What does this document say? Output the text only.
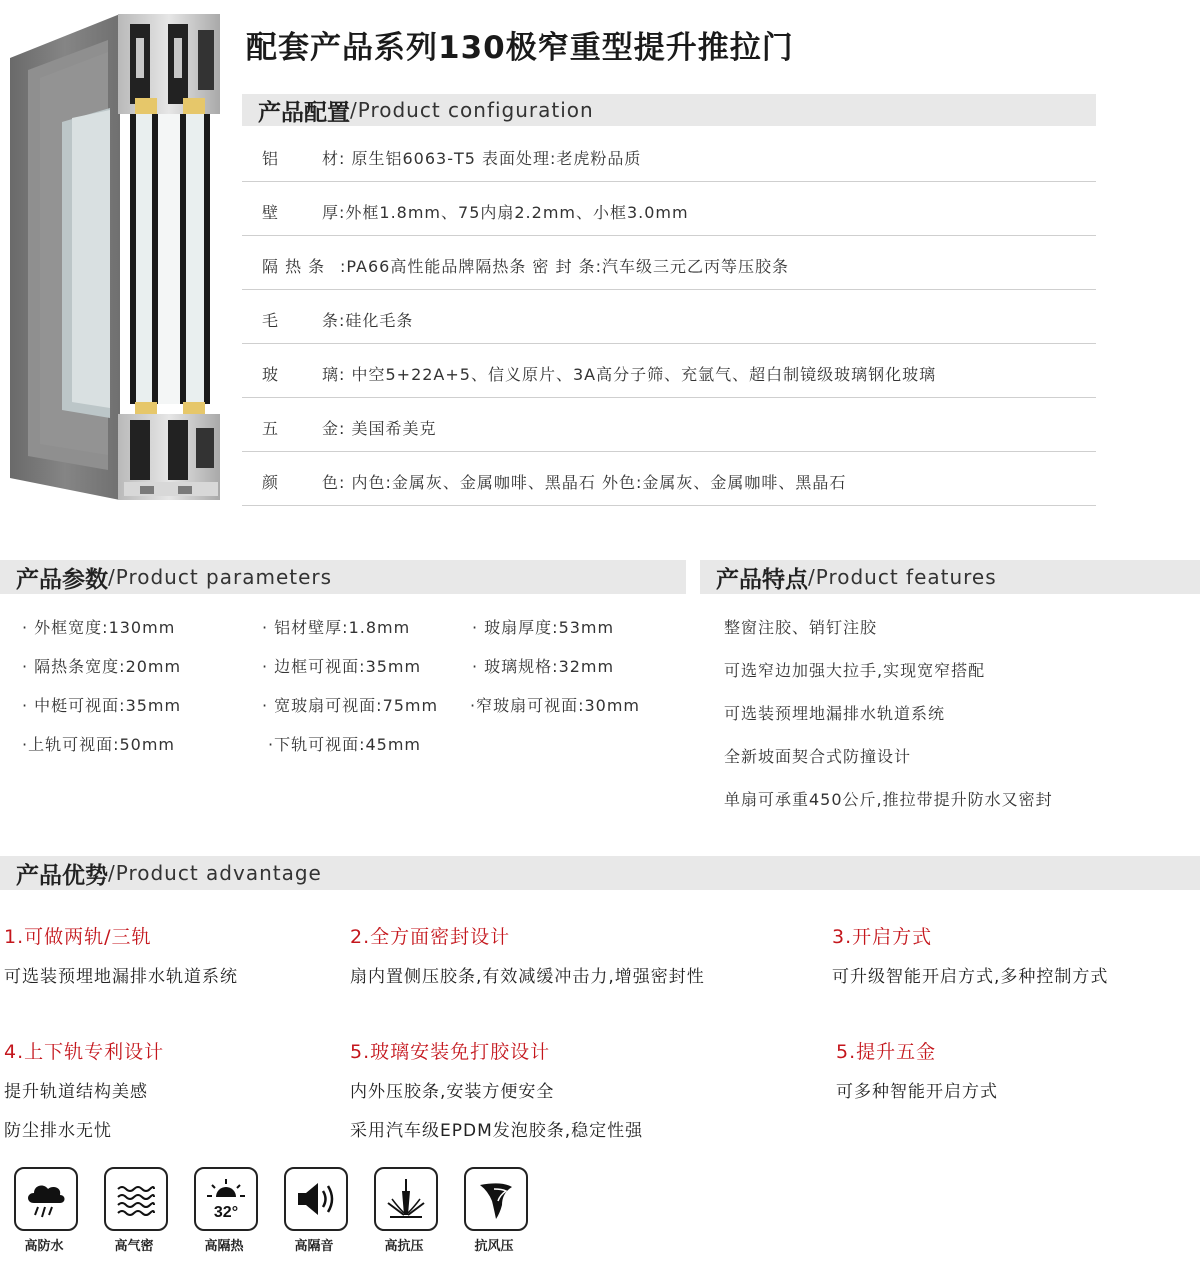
配套产品系列130极窄重型提升推拉门
产品配置 /Product configuration
铝	材: 原生铝6063-T5 表面处理:老虎粉品质
壁	厚:外框1.8mm、75内扇2.2mm、小框3.0mm
隔 热 条 :PA66高性能品牌隔热条 密 封 条:汽车级三元乙丙等压胶条
毛	条:硅化毛条
玻	璃: 中空5+22A+5、信义原片、3A高分子筛、充氩气、超白制镜级玻璃钢化玻璃
五	金: 美国希美克
颜	色: 内色:金属灰、金属咖啡、黑晶石 外色:金属灰、金属咖啡、黑晶石
产品参数 /Product parameters
· 外框宽度:130mm	· 铝材壁厚:1.8mm	· 玻扇厚度:53mm
· 隔热条宽度:20mm	· 边框可视面:35mm	· 玻璃规格:32mm
· 中梃可视面:35mm	· 宽玻扇可视面:75mm ·窄玻扇可视面:30mm
·上轨可视面:50mm	·下轨可视面:45mm
产品特点 /Product features
整窗注胶、销钉注胶
可选窄边加强大拉手,实现宽窄搭配
可选装预埋地漏排水轨道系统
全新坡面契合式防撞设计
单扇可承重450公斤,推拉带提升防水又密封
产品优势 /Product advantage
1.可做两轨/三轨
可选装预埋地漏排水轨道系统
2.全方面密封设计
扇内置侧压胶条,有效减缓冲击力,增强密封性
3.开启方式
可升级智能开启方式,多种控制方式
4.上下轨专利设计
提升轨道结构美感
防尘排水无忧
5.玻璃安装免打胶设计
内外压胶条,安装方便安全
采用汽车级EPDM发泡胶条,稳定性强
5.提升五金
可多种智能开启方式
高防水	高气密
32°
高隔热	高隔音	高抗压	抗风压
